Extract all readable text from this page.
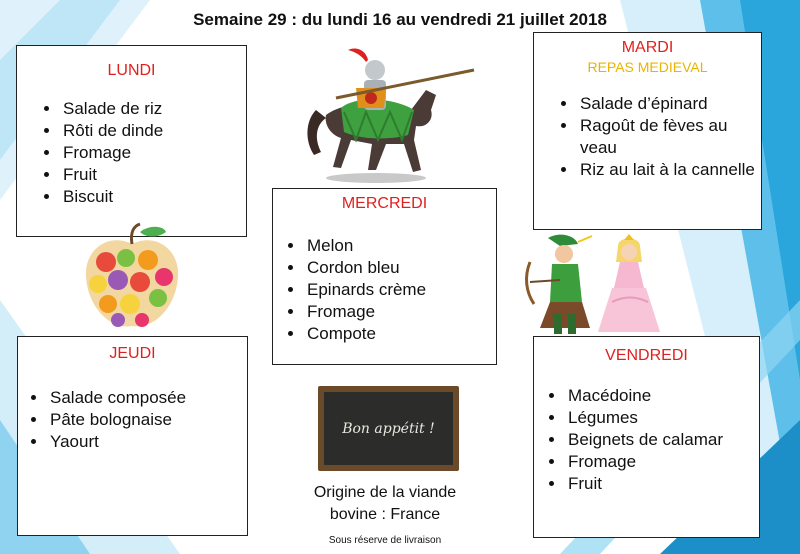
Semaine 29 : du lundi 16 au vendredi 21 juillet 2018
LUNDI
• Salade de riz
• Rôti de dinde
• Fromage
• Fruit
• Biscuit
MARDI
REPAS MEDIEVAL
• Salade d’épinard
• Ragoût de fèves au veau
• Riz au lait à la cannelle
MERCREDI
• Melon
• Cordon bleu
• Epinards crème
• Fromage
• Compote
JEUDI
• Salade composée
• Pâte bolognaise
• Yaourt
VENDREDI
• Macédoine
• Légumes
• Beignets de calamar
• Fromage
• Fruit
Bon appétit !
Origine de la viande bovine : France
Sous réserve de livraison
